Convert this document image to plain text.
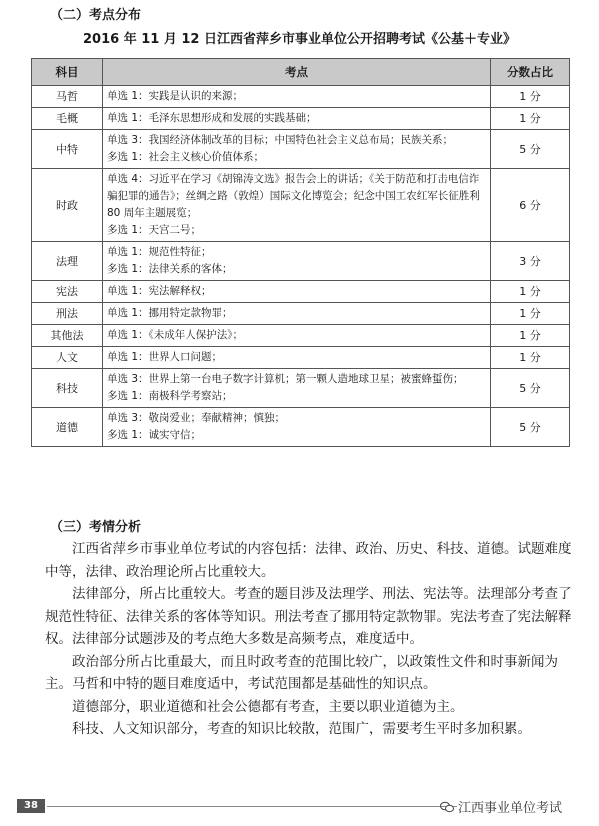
（二）考点分布
2016 年 11 月 12 日江西省萍乡市事业单位公开招聘考试《公基＋专业》
科目	考点	分数占比
马哲	单选 1：实践是认识的来源；	1 分
毛概	单选 1：毛泽东思想形成和发展的实践基础；	1 分
中特	单选 3：我国经济体制改革的目标；中国特色社会主义总布局；民族关系；
多选 1：社会主义核心价值体系；	5 分
时政	单选 4：习近平在学习《胡锦涛文选》报告会上的讲话；《关于防范和打击电信诈
骗犯罪的通告》；丝绸之路（敦煌）国际文化博览会；纪念中国工农红军长征胜利
80 周年主题展览；
多选 1：天宫二号；	6 分
法理	单选 1：规范性特征；
多选 1：法律关系的客体；	3 分
宪法	单选 1：宪法解释权；	1 分
刑法	单选 1：挪用特定款物罪；	1 分
其他法	单选 1：《未成年人保护法》；	1 分
人文	单选 1：世界人口问题；	1 分
科技	单选 3：世界上第一台电子数字计算机；第一颗人造地球卫星；被蜜蜂蜇伤；
多选 1：南极科学考察站；	5 分
道德	单选 3：敬岗爱业；奉献精神；慎独；
多选 1：诚实守信；	5 分
（三）考情分析

江西省萍乡市事业单位考试的内容包括：法律、政治、历史、科技、道德。试题难度中等，法律、政治理论所占比重较大。

法律部分，所占比重较大。考查的题目涉及法理学、刑法、宪法等。法理部分考查了规范性特征、法律关系的客体等知识。刑法考查了挪用特定款物罪。宪法考查了宪法解释权。法律部分试题涉及的考点绝大多数是高频考点，难度适中。

政治部分所占比重最大，而且时政考查的范围比较广，以政策性文件和时事新闻为主。马哲和中特的题目难度适中，考试范围都是基础性的知识点。

道德部分，职业道德和社会公德都有考查，主要以职业道德为主。

科技、人文知识部分，考查的知识比较散，范围广，需要考生平时多加积累。

38	江西事业单位考试
